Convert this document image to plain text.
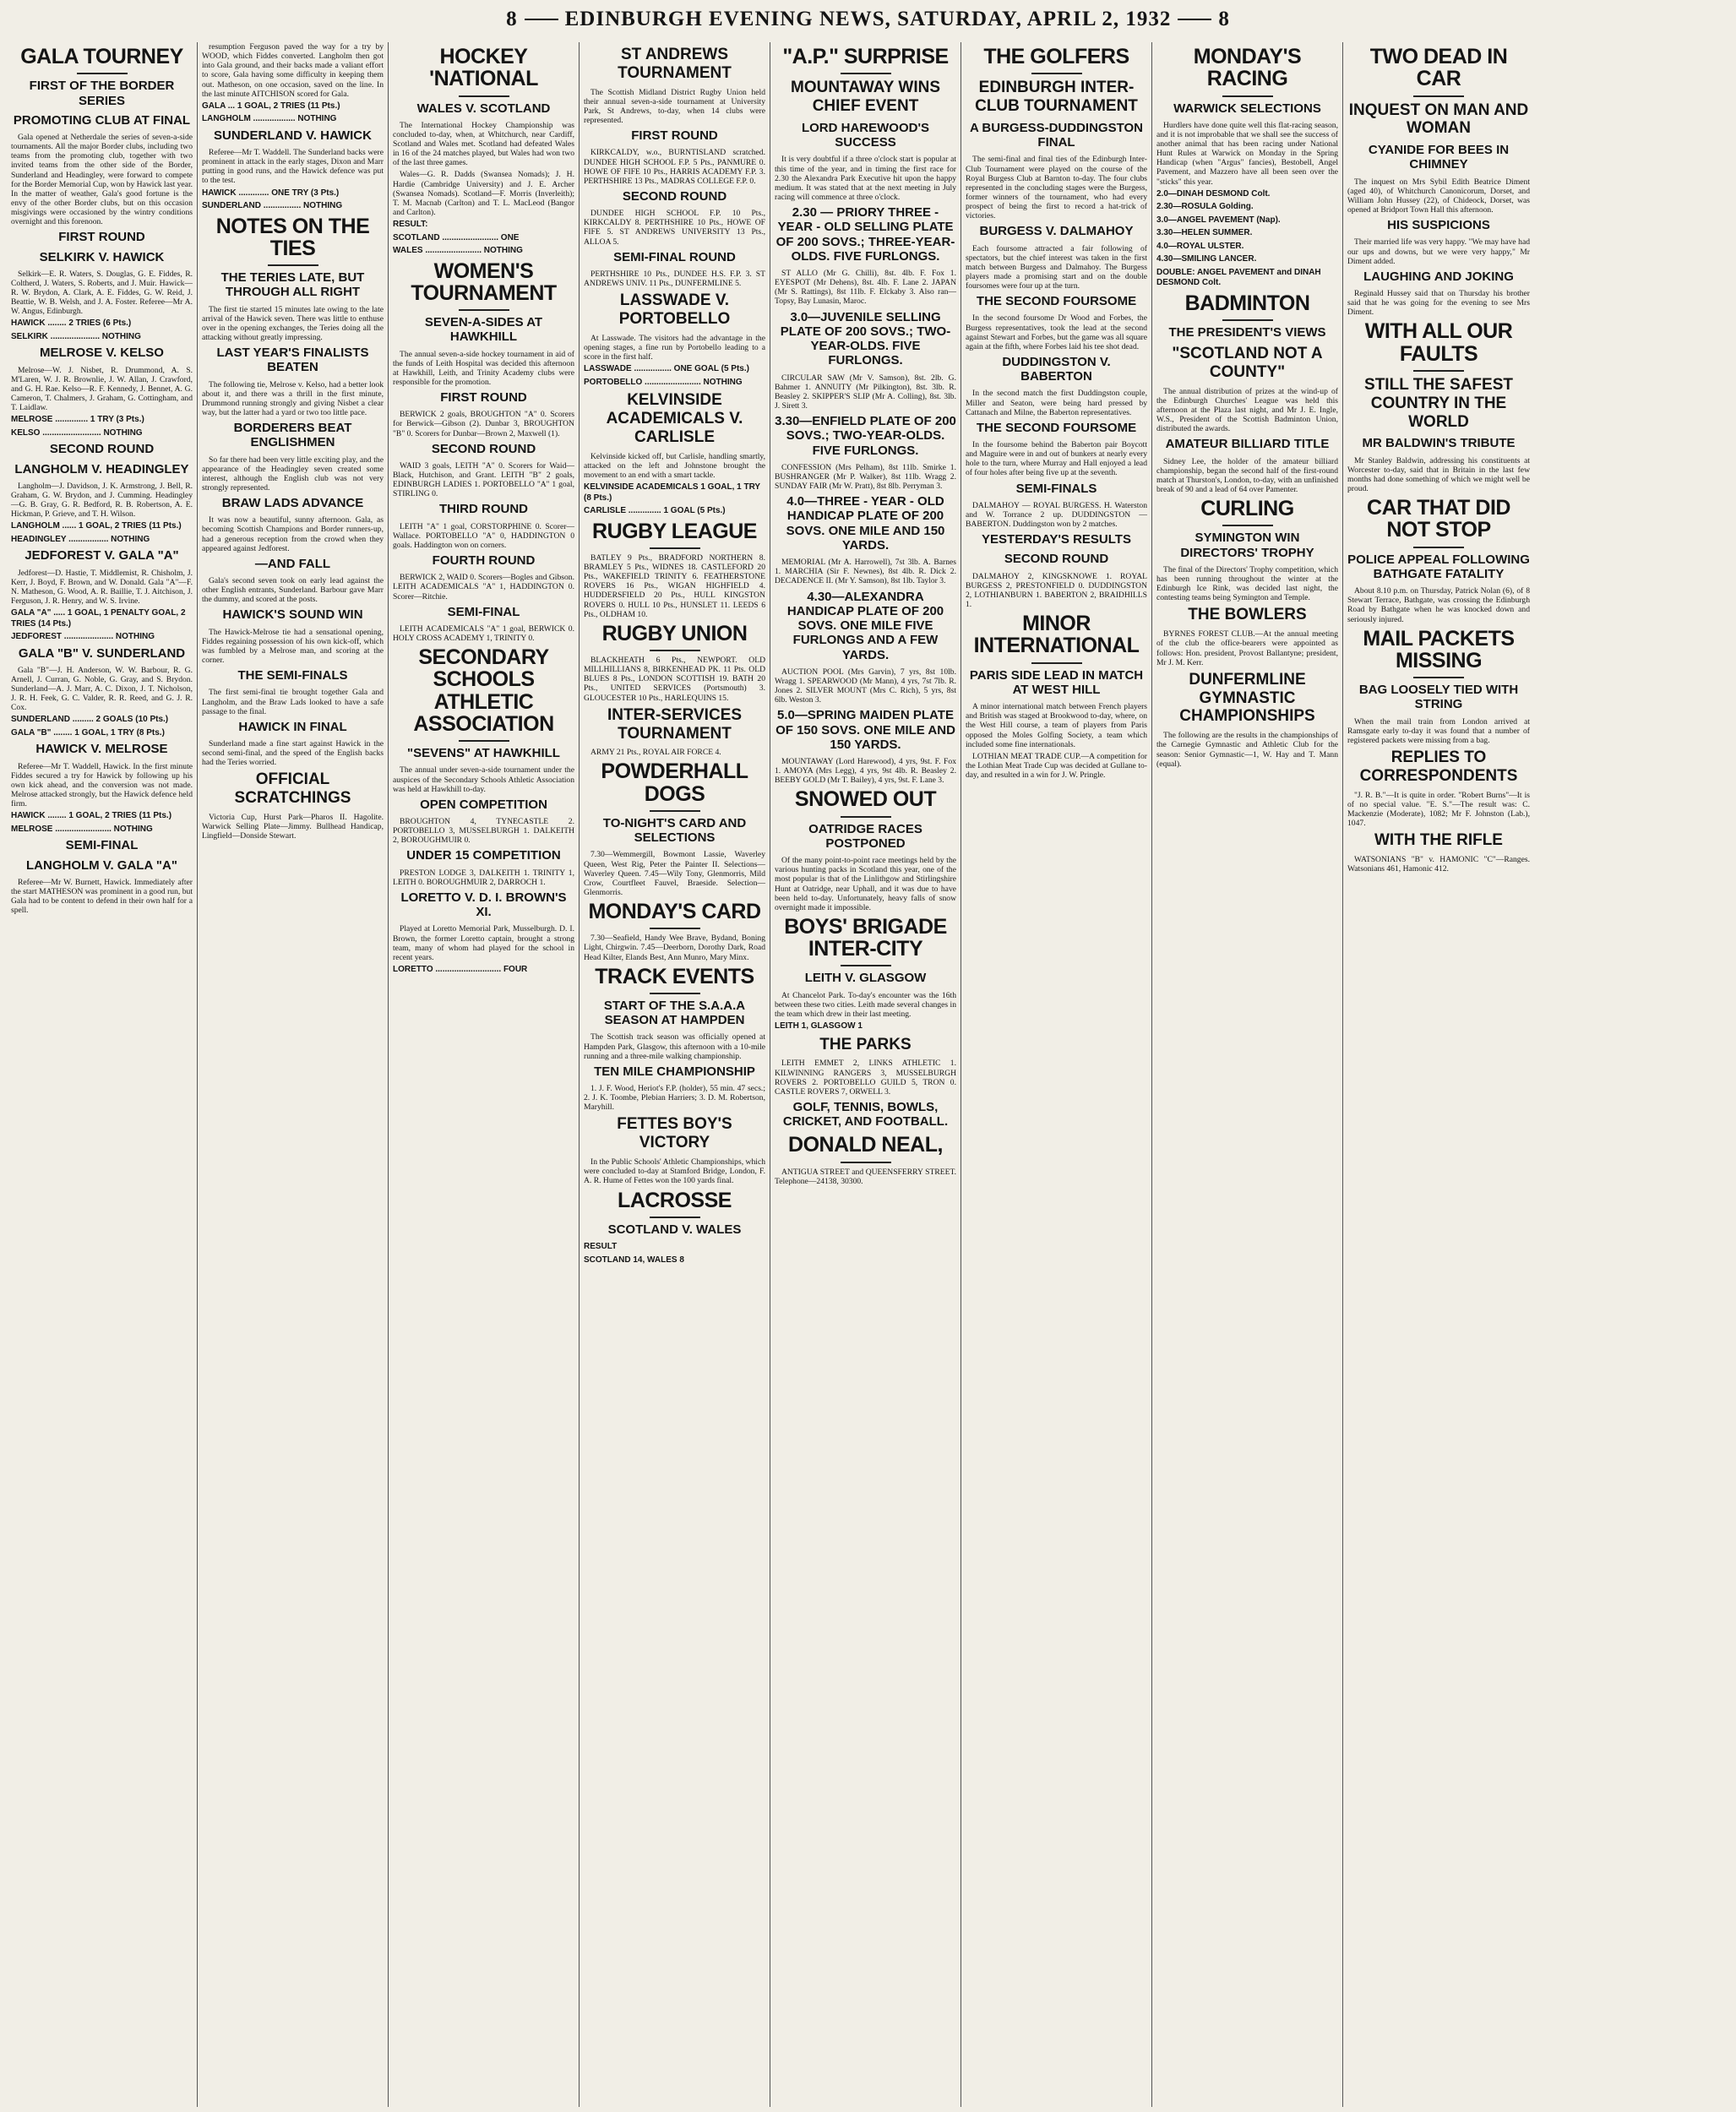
8 EDINBURGH EVENING NEWS, SATURDAY, APRIL 2, 1932 8
GALA TOURNEY
FIRST OF THE BORDER SERIES
PROMOTING CLUB AT FINAL

Gala opened at Netherdale the series of seven-a-side tournaments. All the major Border clubs, including two teams from the promoting club, together with two invited teams from the other side of the Border, Sunderland and Headingley, were forward to compete for the Border Memorial Cup, won by Hawick last year. In the matter of weather, Gala's good fortune is the envy of the other Border clubs, but on this occasion misgivings were occasioned by the wintry conditions overnight and this forenoon.

FIRST ROUND
SELKIRK V. HAWICK

Selkirk—E. R. Waters, S. Douglas, G. E. Fiddes, R. Coltherd, J. Waters, S. Roberts, and J. Muir. Hawick—R. W. Brydon, A. Clark, A. E. Fiddes, G. W. Reid, J. Beattie, W. B. Welsh, and J. A. Foster. Referee—Mr A. W. Angus, Edinburgh.

HAWICK ........ 2 TRIES (6 Pts.)
SELKIRK ..................... NOTHING
MELROSE V. KELSO

Melrose—W. J. Nisbet, R. Drummond, A. S. M'Laren, W. J. R. Brownlie, J. W. Allan, J. Crawford, and G. H. Rae. Kelso—R. F. Kennedy, J. Bennet, A. G. Cameron, T. Chalmers, J. Graham, G. Cottingham, and T. Laidlaw.

MELROSE .............. 1 TRY (3 Pts.)
KELSO ......................... NOTHING
SECOND ROUND
LANGHOLM V. HEADINGLEY

Langholm—J. Davidson, J. K. Armstrong, J. Bell, R. Graham, G. W. Brydon, and J. Cumming. Headingley—G. B. Gray, G. R. Bedford, R. B. Robertson, A. E. Hickman, P. Grieve, and T. H. Wilson.

LANGHOLM ...... 1 GOAL, 2 TRIES (11 Pts.)
HEADINGLEY ................. NOTHING
JEDFOREST V. GALA "A"

Jedforest—D. Hastie, T. Middlemist, R. Chisholm, J. Kerr, J. Boyd, F. Brown, and W. Donald. Gala "A"—F. N. Matheson, G. Wood, A. R. Baillie, T. J. Aitchison, J. Ferguson, J. R. Henry, and W. S. Irvine.

GALA "A" ..... 1 GOAL, 1 PENALTY GOAL, 2 TRIES (14 Pts.)
JEDFOREST ..................... NOTHING
GALA "B" V. SUNDERLAND

Gala "B"—J. H. Anderson, W. W. Barbour, R. G. Arnell, J. Curran, G. Noble, G. Gray, and S. Brydon. Sunderland—A. J. Marr, A. C. Dixon, J. T. Nicholson, J. R. H. Feek, G. C. Valder, R. R. Reed, and G. J. R. Cox.

SUNDERLAND ......... 2 GOALS (10 Pts.)
GALA "B" ........ 1 GOAL, 1 TRY (8 Pts.)
HAWICK V. MELROSE

Referee—Mr T. Waddell, Hawick. In the first minute Fiddes secured a try for Hawick by following up his own kick ahead, and the conversion was not made. Melrose attacked strongly, but the Hawick defence held firm.

HAWICK ........ 1 GOAL, 2 TRIES (11 Pts.)
MELROSE ........................ NOTHING
SEMI-FINAL
LANGHOLM V. GALA "A"

Referee—Mr W. Burnett, Hawick. Immediately after the start MATHESON was prominent in a good run, but Gala had to be content to defend in their own half for a spell.

resumption Ferguson paved the way for a try by WOOD, which Fiddes converted. Langholm then got into Gala ground, and their backs made a valiant effort to score, Gala having some difficulty in keeping them out. Matheson, on one occasion, saved on the line. In the last minute AITCHISON scored for Gala.

GALA ... 1 GOAL, 2 TRIES (11 Pts.)
LANGHOLM .................. NOTHING
SUNDERLAND V. HAWICK

Referee—Mr T. Waddell. The Sunderland backs were prominent in attack in the early stages, Dixon and Marr putting in good runs, and the Hawick defence was put to the test.

HAWICK ............. ONE TRY (3 Pts.)
SUNDERLAND ................ NOTHING
NOTES ON THE TIES
THE TERIES LATE, BUT THROUGH ALL RIGHT

The first tie started 15 minutes late owing to the late arrival of the Hawick seven. There was little to enthuse over in the opening exchanges, the Teries doing all the attacking without greatly impressing.

LAST YEAR'S FINALISTS BEATEN

The following tie, Melrose v. Kelso, had a better look about it, and there was a thrill in the first minute, Drummond running strongly and giving Nisbet a clear way, but the latter had a yard or two too little pace.

BORDERERS BEAT ENGLISHMEN

So far there had been very little exciting play, and the appearance of the Headingley seven created some interest, although the English club was not very strongly represented.

BRAW LADS ADVANCE

It was now a beautiful, sunny afternoon. Gala, as becoming Scottish Champions and Border runners-up, had a generous reception from the crowd when they appeared against Jedforest.

—AND FALL

Gala's second seven took on early lead against the other English entrants, Sunderland. Barbour gave Marr the dummy, and scored at the posts.

HAWICK'S SOUND WIN

The Hawick-Melrose tie had a sensational opening, Fiddes regaining possession of his own kick-off, which was fumbled by a Melrose man, and scoring at the corner.

THE SEMI-FINALS

The first semi-final tie brought together Gala and Langholm, and the Braw Lads looked to have a safe passage to the final.

HAWICK IN FINAL

Sunderland made a fine start against Hawick in the second semi-final, and the speed of the English backs had the Teries worried.

OFFICIAL SCRATCHINGS

Victoria Cup, Hurst Park—Pharos II. Hagolite. Warwick Selling Plate—Jimmy. Bullhead Handicap, Lingfield—Donside Stewart.

HOCKEY 'NATIONAL
WALES V. SCOTLAND

The International Hockey Championship was concluded to-day, when, at Whitchurch, near Cardiff, Scotland and Wales met. Scotland had defeated Wales in 16 of the 24 matches played, but Wales had won two of the last three games.

Wales—G. R. Dadds (Swansea Nomads); J. H. Hardie (Cambridge University) and J. E. Archer (Swansea Nomads). Scotland—F. Morris (Inverleith); T. M. Macnab (Carlton) and T. L. MacLeod (Bangor and Carlton).

RESULT:
SCOTLAND ........................ ONE
WALES ........................ NOTHING
WOMEN'S TOURNAMENT
SEVEN-A-SIDES AT HAWKHILL

The annual seven-a-side hockey tournament in aid of the funds of Leith Hospital was decided this afternoon at Hawkhill, Leith, and Trinity Academy clubs were responsible for the promotion.

FIRST ROUND

BERWICK 2 goals, BROUGHTON "A" 0. Scorers for Berwick—Gibson (2). Dunbar 3, BROUGHTON "B" 0. Scorers for Dunbar—Brown 2, Maxwell (1).

SECOND ROUND

WAID 3 goals, LEITH "A" 0. Scorers for Waid—Black, Hutchison, and Grant. LEITH "B" 2 goals, EDINBURGH LADIES 1. PORTOBELLO "A" 1 goal, STIRLING 0.

THIRD ROUND

LEITH "A" 1 goal, CORSTORPHINE 0. Scorer—Wallace. PORTOBELLO "A" 0, HADDINGTON 0 goals. Haddington won on corners.

FOURTH ROUND

BERWICK 2, WAID 0. Scorers—Bogles and Gibson. LEITH ACADEMICALS "A" 1, HADDINGTON 0. Scorer—Ritchie.

SEMI-FINAL

LEITH ACADEMICALS "A" 1 goal, BERWICK 0. HOLY CROSS ACADEMY 1, TRINITY 0.

SECONDARY SCHOOLS ATHLETIC ASSOCIATION
"SEVENS" AT HAWKHILL

The annual under seven-a-side tournament under the auspices of the Secondary Schools Athletic Association was held at Hawkhill to-day.

OPEN COMPETITION

BROUGHTON 4, TYNECASTLE 2. PORTOBELLO 3, MUSSELBURGH 1. DALKEITH 2, BOROUGHMUIR 0.

UNDER 15 COMPETITION

PRESTON LODGE 3, DALKEITH 1. TRINITY 1, LEITH 0. BOROUGHMUIR 2, DARROCH 1.

LORETTO V. D. I. BROWN'S XI.

Played at Loretto Memorial Park, Musselburgh. D. I. Brown, the former Loretto captain, brought a strong team, many of whom had played for the school in recent years.

LORETTO ............................ FOUR
ST ANDREWS TOURNAMENT

The Scottish Midland District Rugby Union held their annual seven-a-side tournament at University Park, St Andrews, to-day, when 14 clubs were represented.

FIRST ROUND

KIRKCALDY, w.o., BURNTISLAND scratched. DUNDEE HIGH SCHOOL F.P. 5 Pts., PANMURE 0. HOWE OF FIFE 10 Pts., HARRIS ACADEMY F.P. 3. PERTHSHIRE 13 Pts., MADRAS COLLEGE F.P. 0.

SECOND ROUND

DUNDEE HIGH SCHOOL F.P. 10 Pts., KIRKCALDY 8. PERTHSHIRE 10 Pts., HOWE OF FIFE 5. ST ANDREWS UNIVERSITY 13 Pts., ALLOA 5.

SEMI-FINAL ROUND

PERTHSHIRE 10 Pts., DUNDEE H.S. F.P. 3. ST ANDREWS UNIV. 11 Pts., DUNFERMLINE 5.

LASSWADE V. PORTOBELLO

At Lasswade. The visitors had the advantage in the opening stages, a fine run by Portobello leading to a score in the first half.

LASSWADE ................ ONE GOAL (5 Pts.)
PORTOBELLO ........................ NOTHING
KELVINSIDE ACADEMICALS V. CARLISLE

Kelvinside kicked off, but Carlisle, handling smartly, attacked on the left and Johnstone brought the movement to an end with a smart tackle.

KELVINSIDE ACADEMICALS 1 GOAL, 1 TRY (8 Pts.)
CARLISLE .............. 1 GOAL (5 Pts.)
RUGBY LEAGUE

BATLEY 9 Pts., BRADFORD NORTHERN 8. BRAMLEY 5 Pts., WIDNES 18. CASTLEFORD 20 Pts., WAKEFIELD TRINITY 6. FEATHERSTONE ROVERS 16 Pts., WIGAN HIGHFIELD 4. HUDDERSFIELD 20 Pts., HULL KINGSTON ROVERS 0. HULL 10 Pts., HUNSLET 11. LEEDS 6 Pts., OLDHAM 10.

RUGBY UNION

BLACKHEATH 6 Pts., NEWPORT. OLD MILLHILLIANS 8, BIRKENHEAD PK. 11 Pts. OLD BLUES 8 Pts., LONDON SCOTTISH 19. BATH 20 Pts., UNITED SERVICES (Portsmouth) 3. GLOUCESTER 10 Pts., HARLEQUINS 15.

INTER-SERVICES TOURNAMENT

ARMY 21 Pts., ROYAL AIR FORCE 4.

POWDERHALL DOGS
TO-NIGHT'S CARD AND SELECTIONS

7.30—Wemmergill, Bowmont Lassie, Waverley Queen, West Rig, Peter the Painter II. Selections—Waverley Queen. 7.45—Wily Tony, Glenmorris, Mild Crow, Courtfleet Fauvel, Braeside. Selection—Glenmorris.

MONDAY'S CARD

7.30—Seafield, Handy Wee Brave, Bydand, Boning Light, Chirgwin. 7.45—Deerborn, Dorothy Dark, Road Head Kilter, Elands Best, Ann Munro, Mary Minx.

TRACK EVENTS
START OF THE S.A.A.A SEASON AT HAMPDEN

The Scottish track season was officially opened at Hampden Park, Glasgow, this afternoon with a 10-mile running and a three-mile walking championship.

TEN MILE CHAMPIONSHIP

1. J. F. Wood, Heriot's F.P. (holder), 55 min. 47 secs.; 2. J. K. Toombe, Plebian Harriers; 3. D. M. Robertson, Maryhill.

FETTES BOY'S VICTORY

In the Public Schools' Athletic Championships, which were concluded to-day at Stamford Bridge, London, F. A. R. Hume of Fettes won the 100 yards final.

LACROSSE
SCOTLAND V. WALES
RESULT
SCOTLAND 14, WALES 8
"A.P." SURPRISE
MOUNTAWAY WINS CHIEF EVENT
LORD HAREWOOD'S SUCCESS

It is very doubtful if a three o'clock start is popular at this time of the year, and in timing the first race for 2.30 the Alexandra Park Executive hit upon the happy medium. It was stated that at the next meeting in July racing will commence at three o'clock.

2.30 — PRIORY THREE - YEAR - OLD SELLING PLATE OF 200 SOVS.; THREE-YEAR-OLDS. FIVE FURLONGS.

ST ALLO (Mr G. Chilli), 8st. 4lb. F. Fox 1. EYESPOT (Mr Dehens), 8st. 4lb. F. Lane 2. JAPAN (Mr S. Rattings), 8st 11lb. F. Elckaby 3. Also ran—Topsy, Bay Lunasin, Maroc.

3.0—JUVENILE SELLING PLATE OF 200 SOVS.; TWO-YEAR-OLDS. FIVE FURLONGS.

CIRCULAR SAW (Mr V. Samson), 8st. 2lb. G. Bahmer 1. ANNUITY (Mr Pilkington), 8st. 3lb. R. Beasley 2. SKIPPER'S SLIP (Mr A. Colling), 8st. 3lb. J. Sirett 3.

3.30—ENFIELD PLATE OF 200 SOVS.; TWO-YEAR-OLDS. FIVE FURLONGS.

CONFESSION (Mrs Pelham), 8st 11lb. Smirke 1. BUSHRANGER (Mr P. Walker), 8st 11lb. Wragg 2. SUNDAY FAIR (Mr W. Pratt), 8st 8lb. Perryman 3.

4.0—THREE - YEAR - OLD HANDICAP PLATE OF 200 SOVS. ONE MILE AND 150 YARDS.

MEMORIAL (Mr A. Harrowell), 7st 3lb. A. Barnes 1. MARCHIA (Sir F. Newnes), 8st 4lb. R. Dick 2. DECADENCE II. (Mr Y. Samson), 8st 1lb. Taylor 3.

4.30—ALEXANDRA HANDICAP PLATE OF 200 SOVS. ONE MILE FIVE FURLONGS AND A FEW YARDS.

AUCTION POOL (Mrs Garvin), 7 yrs, 8st 10lb. Wragg 1. SPEARWOOD (Mr Mann), 4 yrs, 7st 7lb. R. Jones 2. SILVER MOUNT (Mrs C. Rich), 5 yrs, 8st 6lb. Weston 3.

5.0—SPRING MAIDEN PLATE OF 150 SOVS. ONE MILE AND 150 YARDS.

MOUNTAWAY (Lord Harewood), 4 yrs, 9st. F. Fox 1. AMOYA (Mrs Legg), 4 yrs, 9st 4lb. R. Beasley 2. BEEBY GOLD (Mr T. Bailey), 4 yrs, 9st. F. Lane 3.

SNOWED OUT
OATRIDGE RACES POSTPONED

Of the many point-to-point race meetings held by the various hunting packs in Scotland this year, one of the most popular is that of the Linlithgow and Stirlingshire Hunt at Oatridge, near Uphall, and it was due to have been held to-day. Unfortunately, heavy falls of snow overnight made it impossible.

BOYS' BRIGADE INTER-CITY
LEITH V. GLASGOW

At Chancelot Park. To-day's encounter was the 16th between these two cities. Leith made several changes in the team which drew in their last meeting.

LEITH 1, GLASGOW 1
THE PARKS

LEITH EMMET 2, LINKS ATHLETIC 1. KILWINNING RANGERS 3, MUSSELBURGH ROVERS 2. PORTOBELLO GUILD 5, TRON 0. CASTLE ROVERS 7, ORWELL 3.

GOLF, TENNIS, BOWLS, CRICKET, AND FOOTBALL.
DONALD NEAL,

ANTIGUA STREET and QUEENSFERRY STREET. Telephone—24138, 30300.

THE GOLFERS
EDINBURGH INTER-CLUB TOURNAMENT
A BURGESS-DUDDINGSTON FINAL

The semi-final and final ties of the Edinburgh Inter-Club Tournament were played on the course of the Royal Burgess Club at Barnton to-day. The four clubs represented in the concluding stages were the Burgess, former winners of the tournament, who had every prospect of being the first to record a hat-trick of victories.

BURGESS V. DALMAHOY

Each foursome attracted a fair following of spectators, but the chief interest was taken in the first match between Burgess and Dalmahoy. The Burgess players made a promising start and on the double foursomes were four up at the turn.

THE SECOND FOURSOME

In the second foursome Dr Wood and Forbes, the Burgess representatives, took the lead at the second against Stewart and Forbes, but the game was all square again at the fifth, where Forbes laid his tee shot dead.

DUDDINGSTON V. BABERTON

In the second match the first Duddingston couple, Miller and Seaton, were being hard pressed by Cattanach and Milne, the Baberton representatives.

THE SECOND FOURSOME

In the foursome behind the Baberton pair Boycott and Maguire were in and out of bunkers at nearly every hole to the turn, where Murray and Hall enjoyed a lead of four holes after being five up at the seventh.

SEMI-FINALS

DALMAHOY — ROYAL BURGESS. H. Waterston and W. Torrance 2 up. DUDDINGSTON — BABERTON. Duddingston won by 2 matches.

YESTERDAY'S RESULTS
SECOND ROUND

DALMAHOY 2, KINGSKNOWE 1. ROYAL BURGESS 2, PRESTONFIELD 0. DUDDINGSTON 2, LOTHIANBURN 1. BABERTON 2, BRAIDHILLS 1.

MINOR INTERNATIONAL
PARIS SIDE LEAD IN MATCH AT WEST HILL

A minor international match between French players and British was staged at Brookwood to-day, where, on the West Hill course, a team of players from Paris opposed the Moles Golfing Society, a team which included some fine internationals.

LOTHIAN MEAT TRADE CUP.—A competition for the Lothian Meat Trade Cup was decided at Gullane to-day, and resulted in a win for J. W. Pringle.

MONDAY'S RACING
WARWICK SELECTIONS

Hurdlers have done quite well this flat-racing season, and it is not improbable that we shall see the success of another animal that has been racing under National Hunt Rules at Warwick on Monday in the Spring Handicap (when "Argus" fancies), Bestobell, Angel Pavement, and Mazzero have all been seen over the "sticks" this year.

2.0—DINAH DESMOND Colt.
2.30—ROSULA Golding.
3.0—ANGEL PAVEMENT (Nap).
3.30—HELEN SUMMER.
4.0—ROYAL ULSTER.
4.30—SMILING LANCER.
DOUBLE: ANGEL PAVEMENT and DINAH DESMOND Colt.
BADMINTON
THE PRESIDENT'S VIEWS
"SCOTLAND NOT A COUNTY"

The annual distribution of prizes at the wind-up of the Edinburgh Churches' League was held this afternoon at the Plaza last night, and Mr J. E. Ingle, W.S., President of the Scottish Badminton Union, distributed the awards.

AMATEUR BILLIARD TITLE

Sidney Lee, the holder of the amateur billiard championship, began the second half of the first-round match at Thurston's, London, to-day, with an unfinished break of 90 and a lead of 64 over Pamenter.

CURLING
SYMINGTON WIN DIRECTORS' TROPHY

The final of the Directors' Trophy competition, which has been running throughout the winter at the Edinburgh Ice Rink, was decided last night, the contesting teams being Symington and Temple.

THE BOWLERS

BYRNES FOREST CLUB.—At the annual meeting of the club the office-bearers were appointed as follows: Hon. president, Provost Ballantyne; president, Mr J. M. Kerr.

DUNFERMLINE GYMNASTIC CHAMPIONSHIPS

The following are the results in the championships of the Carnegie Gymnastic and Athletic Club for the season: Senior Gymnastic—1, W. Hay and T. Mann (equal).

TWO DEAD IN CAR
INQUEST ON MAN AND WOMAN
CYANIDE FOR BEES IN CHIMNEY

The inquest on Mrs Sybil Edith Beatrice Diment (aged 40), of Whitchurch Canonicorum, Dorset, and William John Hussey (22), of Chideock, Dorset, was opened at Bridport Town Hall this afternoon.

HIS SUSPICIONS

Their married life was very happy. "We may have had our ups and downs, but we were very happy," Mr Diment added.

LAUGHING AND JOKING

Reginald Hussey said that on Thursday his brother said that he was going for the evening to see Mrs Diment.

WITH ALL OUR FAULTS
STILL THE SAFEST COUNTRY IN THE WORLD
MR BALDWIN'S TRIBUTE

Mr Stanley Baldwin, addressing his constituents at Worcester to-day, said that in Britain in the last few months had done something of which we might well be proud.

CAR THAT DID NOT STOP
POLICE APPEAL FOLLOWING BATHGATE FATALITY

About 8.10 p.m. on Thursday, Patrick Nolan (6), of 8 Stewart Terrace, Bathgate, was crossing the Edinburgh Road by Bathgate when he was knocked down and seriously injured.

MAIL PACKETS MISSING
BAG LOOSELY TIED WITH STRING

When the mail train from London arrived at Ramsgate early to-day it was found that a number of registered packets were missing from a bag.

REPLIES TO CORRESPONDENTS

"J. R. B."—It is quite in order. "Robert Burns"—It is of no special value. "E. S."—The result was: C. Mackenzie (Moderate), 1082; Mr F. Johnston (Lab.), 1047.

WITH THE RIFLE

WATSONIANS "B" v. HAMONIC "C"—Ranges. Watsonians 461, Hamonic 412.
